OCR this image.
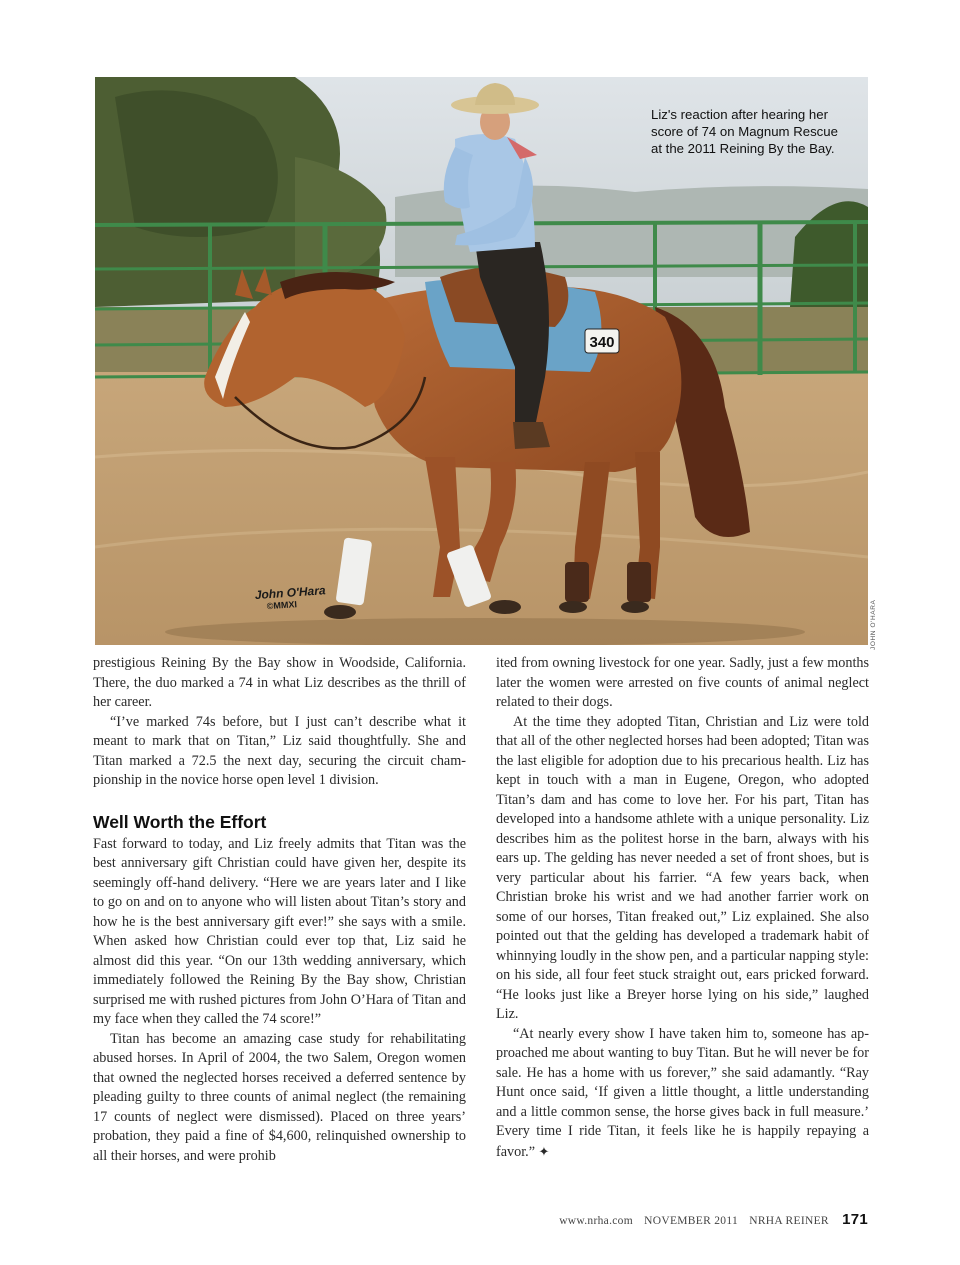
340
John O'Hara
©MMXI
Liz's reaction after hearing her score of 74 on Magnum Rescue at the 2011 Reining By the Bay.
JOHN O'HARA

prestigious Reining By the Bay show in Woodside, California. There, the duo marked a 74 in what Liz describes as the thrill of her career.

“I’ve marked 74s before, but I just can’t describe what it meant to mark that on Titan,” Liz said thoughtfully. She and Titan marked a 72.5 the next day, securing the circuit championship in the novice horse open level 1 division.

Well Worth the Effort

Fast forward to today, and Liz freely admits that Titan was the best anniversary gift Christian could have given her, despite its seemingly off-hand delivery. “Here we are years later and I like to go on and on to anyone who will listen about Titan’s story and how he is the best anniversary gift ever!” she says with a smile. When asked how Christian could ever top that, Liz said he almost did this year. “On our 13th wedding anniversary, which immediately followed the Reining By the Bay show, Christian surprised me with rushed pictures from John O’Hara of Titan and my face when they called the 74 score!”

Titan has become an amazing case study for rehabilitating abused horses. In April of 2004, the two Salem, Oregon women that owned the neglected horses received a deferred sentence by pleading guilty to three counts of animal neglect (the remaining 17 counts of neglect were dismissed). Placed on three years’ probation, they paid a fine of $4,600, relinquished ownership to all their horses, and were prohib

ited from owning livestock for one year. Sadly, just a few months later the women were arrested on five counts of animal neglect related to their dogs.

At the time they adopted Titan, Christian and Liz were told that all of the other neglected horses had been adopted; Titan was the last eligible for adoption due to his precarious health. Liz has kept in touch with a man in Eugene, Oregon, who adopted Titan’s dam and has come to love her. For his part, Titan has developed into a handsome athlete with a unique personality. Liz describes him as the politest horse in the barn, always with his ears up. The gelding has never needed a set of front shoes, but is very particular about his farrier. “A few years back, when Christian broke his wrist and we had another farrier work on some of our horses, Titan freaked out,” Liz explained. She also pointed out that the gelding has developed a trademark habit of whinnying loudly in the show pen, and a particular napping style: on his side, all four feet stuck straight out, ears pricked forward. “He looks just like a Breyer horse lying on his side,” laughed Liz.

“At nearly every show I have taken him to, someone has approached me about wanting to buy Titan. But he will never be for sale. He has a home with us forever,” she said adamantly. “Ray Hunt once said, ‘If given a little thought, a little understanding and a little common sense, the horse gives back in full measure.’ Every time I ride Titan, it feels like he is happily repaying a favor.” ✦

www.nrha.com NOVEMBER 2011 NRHA REINER 171
